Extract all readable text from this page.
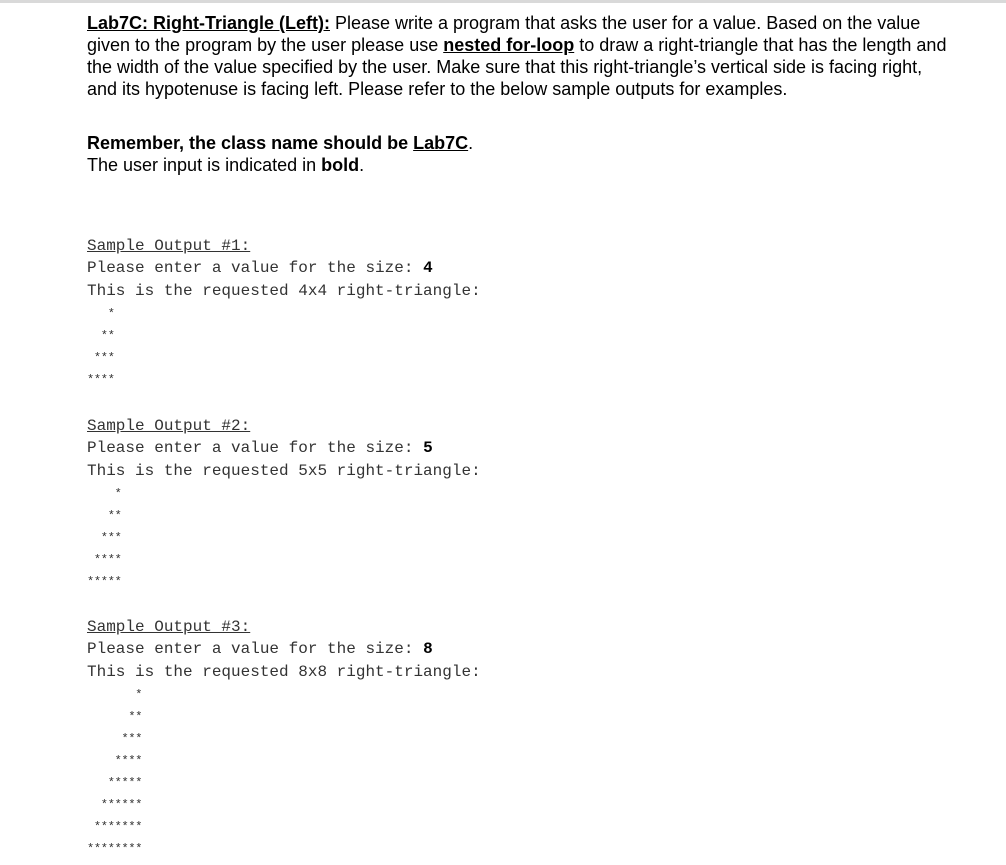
Lab7C: Right-Triangle (Left): Please write a program that asks the user for a value. Based on the value given to the program by the user please use nested for-loop to draw a right-triangle that has the length and the width of the value specified by the user. Make sure that this right-triangle’s vertical side is facing right, and its hypotenuse is facing left. Please refer to the below sample outputs for examples.

Remember, the class name should be Lab7C.
The user input is indicated in bold.
Sample Output #1:
Please enter a value for the size: 4
This is the requested 4x4 right-triangle:
*
**
***
****
Sample Output #2:
Please enter a value for the size: 5
This is the requested 5x5 right-triangle:
*
**
***
****
*****
Sample Output #3:
Please enter a value for the size: 8
This is the requested 8x8 right-triangle:
*
**
***
****
*****
******
*******
********
